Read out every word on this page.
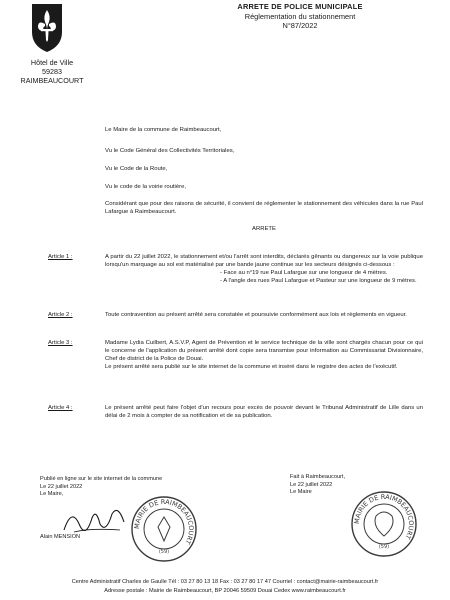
Hôtel de Ville
59283 RAIMBEAUCOURT
ARRETE DE POLICE MUNICIPALE
Réglementation du stationnement
N°87/2022
Le Maire de la commune de Raimbeaucourt,
Vu le Code Général des Collectivités Territoriales,
Vu le Code de la Route,
Vu le code de la voirie routière,
Considérant que pour des raisons de sécurité, il convient de réglementer le stationnement des véhicules dans la rue Paul Lafargue à Raimbeaucourt.
ARRETE
Article 1 :	A partir du 22 juillet 2022, le stationnement et/ou l'arrêt sont interdits, déclarés gênants ou dangereux sur la voie publique lorsqu'un marquage au sol est matérialisé par une bande jaune continue sur les secteurs désignés ci-dessous :
- Face au n°19 rue Paul Lafargue sur une longueur de 4 mètres.
- A l'angle des rues Paul Lafargue et Pasteur sur une longueur de 9 mètres.
Article 2 :	Toute contravention au présent arrêté sera constatée et poursuivie conformément aux lois et règlements en vigueur.
Article 3 :	Madame Lydia Cuilbert, A.S.V.P, Agent de Prévention et le service technique de la ville sont chargés chacun pour ce qui le concerne de l'application du présent arrêté dont copie sera transmise pour information au Commissariat Divisionnaire, Chef de district de la Police de Douai.
Le présent arrêté sera publié sur le site internet de la commune et inséré dans le registre des actes de l'exécutif.
Article 4 :	Le présent arrêté peut faire l'objet d'un recours pour excès de pouvoir devant le Tribunal Administratif de Lille dans un délai de 2 mois à compter de sa notification et de sa publication.
Publié en ligne sur le site internet de la commune
Le 22 juillet 2022
Le Maire,
Alain MENSION
MAIRIE DE RAIMBEAUCOURT
(59)
Fait à Raimbeaucourt,
Le 22 juillet 2022
Le Maire
MAIRIE DE RAIMBEAUCOURT
(59)
Centre Administratif Charles de Gaulle Tél : 03 27 80 13 18 Fax : 03 27 80 17 47 Courriel : contact@mairie-raimbeaucourt.fr
Adresse postale : Mairie de Raimbeaucourt, BP 20046 59509 Douai Cedex www.raimbeaucourt.fr
